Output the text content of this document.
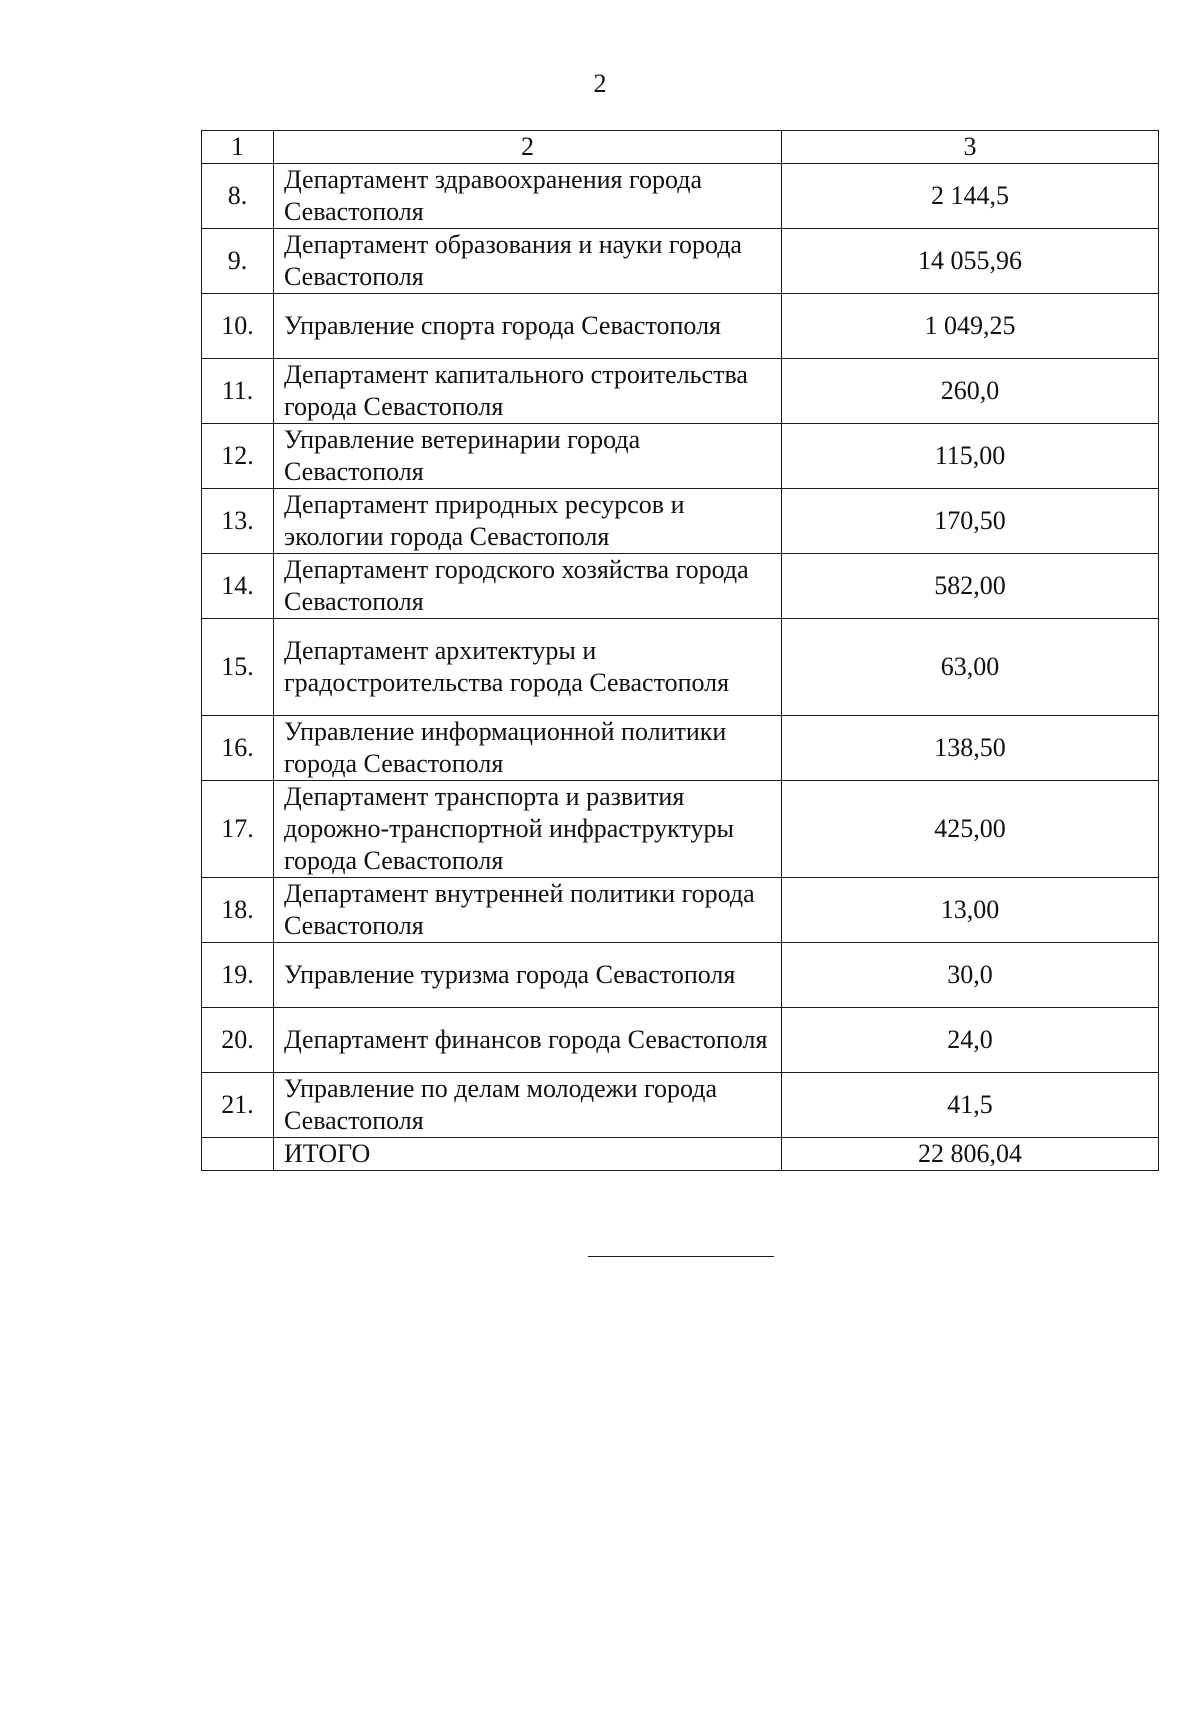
2
1	2	3
8.	Департамент здравоохранения города Севастополя	2 144,5
9.	Департамент образования и науки города Севастополя	14 055,96
10.	Управление спорта города Севастополя	1 049,25
11.	Департамент капитального строительства города Севастополя	260,0
12.	Управление ветеринарии города Севастополя	115,00
13.	Департамент природных ресурсов и экологии города Севастополя	170,50
14.	Департамент городского хозяйства города Севастополя	582,00
15.	Департамент архитектуры и градостроительства города Севастополя	63,00
16.	Управление информационной политики города Севастополя	138,50
17.	Департамент транспорта и развития дорожно-транспортной инфраструктуры города Севастополя	425,00
18.	Департамент внутренней политики города Севастополя	13,00
19.	Управление туризма города Севастополя	30,0
20.	Департамент финансов города Севастополя	24,0
21.	Управление по делам молодежи города Севастополя	41,5
	ИТОГО	22 806,04
